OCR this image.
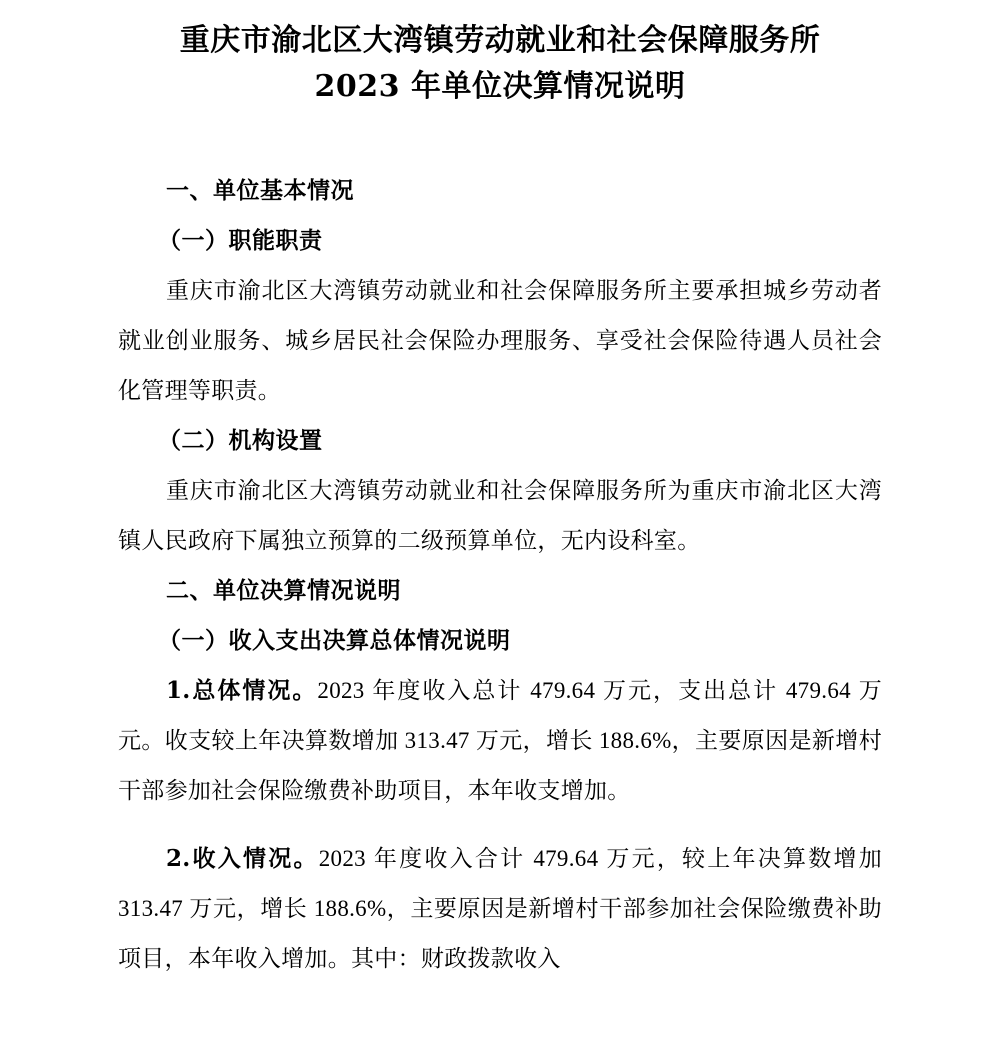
重庆市渝北区大湾镇劳动就业和社会保障服务所
2023 年单位决算情况说明
一、单位基本情况
（一）职能职责

重庆市渝北区大湾镇劳动就业和社会保障服务所主要承担城乡劳动者就业创业服务、城乡居民社会保险办理服务、享受社会保险待遇人员社会化管理等职责。

（二）机构设置

重庆市渝北区大湾镇劳动就业和社会保障服务所为重庆市渝北区大湾镇人民政府下属独立预算的二级预算单位，无内设科室。

二、单位决算情况说明
（一）收入支出决算总体情况说明

1.总体情况。2023 年度收入总计 479.64 万元，支出总计 479.64 万元。收支较上年决算数增加 313.47 万元，增长 188.6%，主要原因是新增村干部参加社会保险缴费补助项目，本年收支增加。

2.收入情况。2023 年度收入合计 479.64 万元，较上年决算数增加 313.47 万元，增长 188.6%，主要原因是新增村干部参加社会保险缴费补助项目，本年收入增加。其中：财政拨款收入
